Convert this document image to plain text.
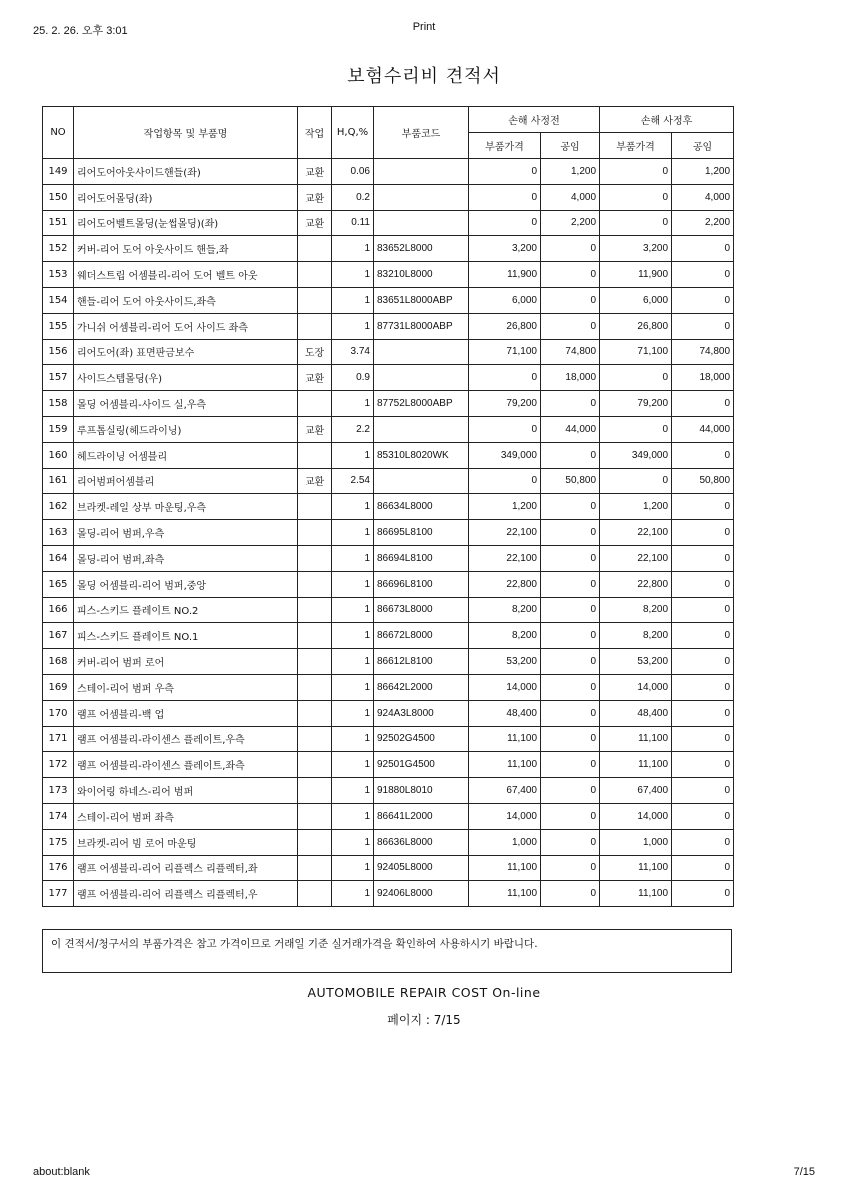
25. 2. 26. 오후 3:01	Print
보험수리비 견적서
NO	작업항목 및 부품명	작업	H,Q,%	부품코드	손해 사정전		손해 사정후	
					부품가격	공임	부품가격	공임
149	리어도어아웃사이드핸들(좌)	교환	0.06		0	1,200	0	1,200
150	리어도어몰딩(좌)	교환	0.2		0	4,000	0	4,000
151	리어도어벨트몰딩(눈썹몰딩)(좌)	교환	0.11		0	2,200	0	2,200
152	커버-리어 도어 아웃사이드 핸들,좌		1	83652L8000	3,200	0	3,200	0
153	웨더스트립 어셈블리-리어 도어 벨트 아웃		1	83210L8000	11,900	0	11,900	0
154	핸들-리어 도어 아웃사이드,좌측		1	83651L8000ABP	6,000	0	6,000	0
155	가니쉬 어셈블리-리어 도어 사이드 좌측		1	87731L8000ABP	26,800	0	26,800	0
156	리어도어(좌) 표면판금보수	도장	3.74		71,100	74,800	71,100	74,800
157	사이드스텝몰딩(우)	교환	0.9		0	18,000	0	18,000
158	몰딩 어셈블리-사이드 실,우측		1	87752L8000ABP	79,200	0	79,200	0
159	루프톱실링(헤드라이닝)	교환	2.2		0	44,000	0	44,000
160	헤드라이닝 어셈블리		1	85310L8020WK	349,000	0	349,000	0
161	리어범퍼어셈블리	교환	2.54		0	50,800	0	50,800
162	브라켓-레일 상부 마운팅,우측		1	86634L8000	1,200	0	1,200	0
163	몰딩-리어 범퍼,우측		1	86695L8100	22,100	0	22,100	0
164	몰딩-리어 범퍼,좌측		1	86694L8100	22,100	0	22,100	0
165	몰딩 어셈블리-리어 범퍼,중앙		1	86696L8100	22,800	0	22,800	0
166	피스-스키드 플레이트 NO.2		1	86673L8000	8,200	0	8,200	0
167	피스-스키드 플레이트 NO.1		1	86672L8000	8,200	0	8,200	0
168	커버-리어 범퍼 로어		1	86612L8100	53,200	0	53,200	0
169	스테이-리어 범퍼 우측		1	86642L2000	14,000	0	14,000	0
170	램프 어셈블리-백 업		1	924A3L8000	48,400	0	48,400	0
171	램프 어셈블리-라이센스 플레이트,우측		1	92502G4500	11,100	0	11,100	0
172	램프 어셈블리-라이센스 플레이트,좌측		1	92501G4500	11,100	0	11,100	0
173	와이어링 하네스-리어 범퍼		1	91880L8010	67,400	0	67,400	0
174	스테이-리어 범퍼 좌측		1	86641L2000	14,000	0	14,000	0
175	브라켓-리어 빔 로어 마운팅		1	86636L8000	1,000	0	1,000	0
176	램프 어셈블리-리어 리플렉스 리플렉터,좌		1	92405L8000	11,100	0	11,100	0
177	램프 어셈블리-리어 리플렉스 리플렉터,우		1	92406L8000	11,100	0	11,100	0
이 견적서/청구서의 부품가격은 참고 가격이므로 거래일 기준 실거래가격을 확인하여 사용하시기 바랍니다.
AUTOMOBILE REPAIR COST On-line
페이지 : 7/15
about:blank	7/15
